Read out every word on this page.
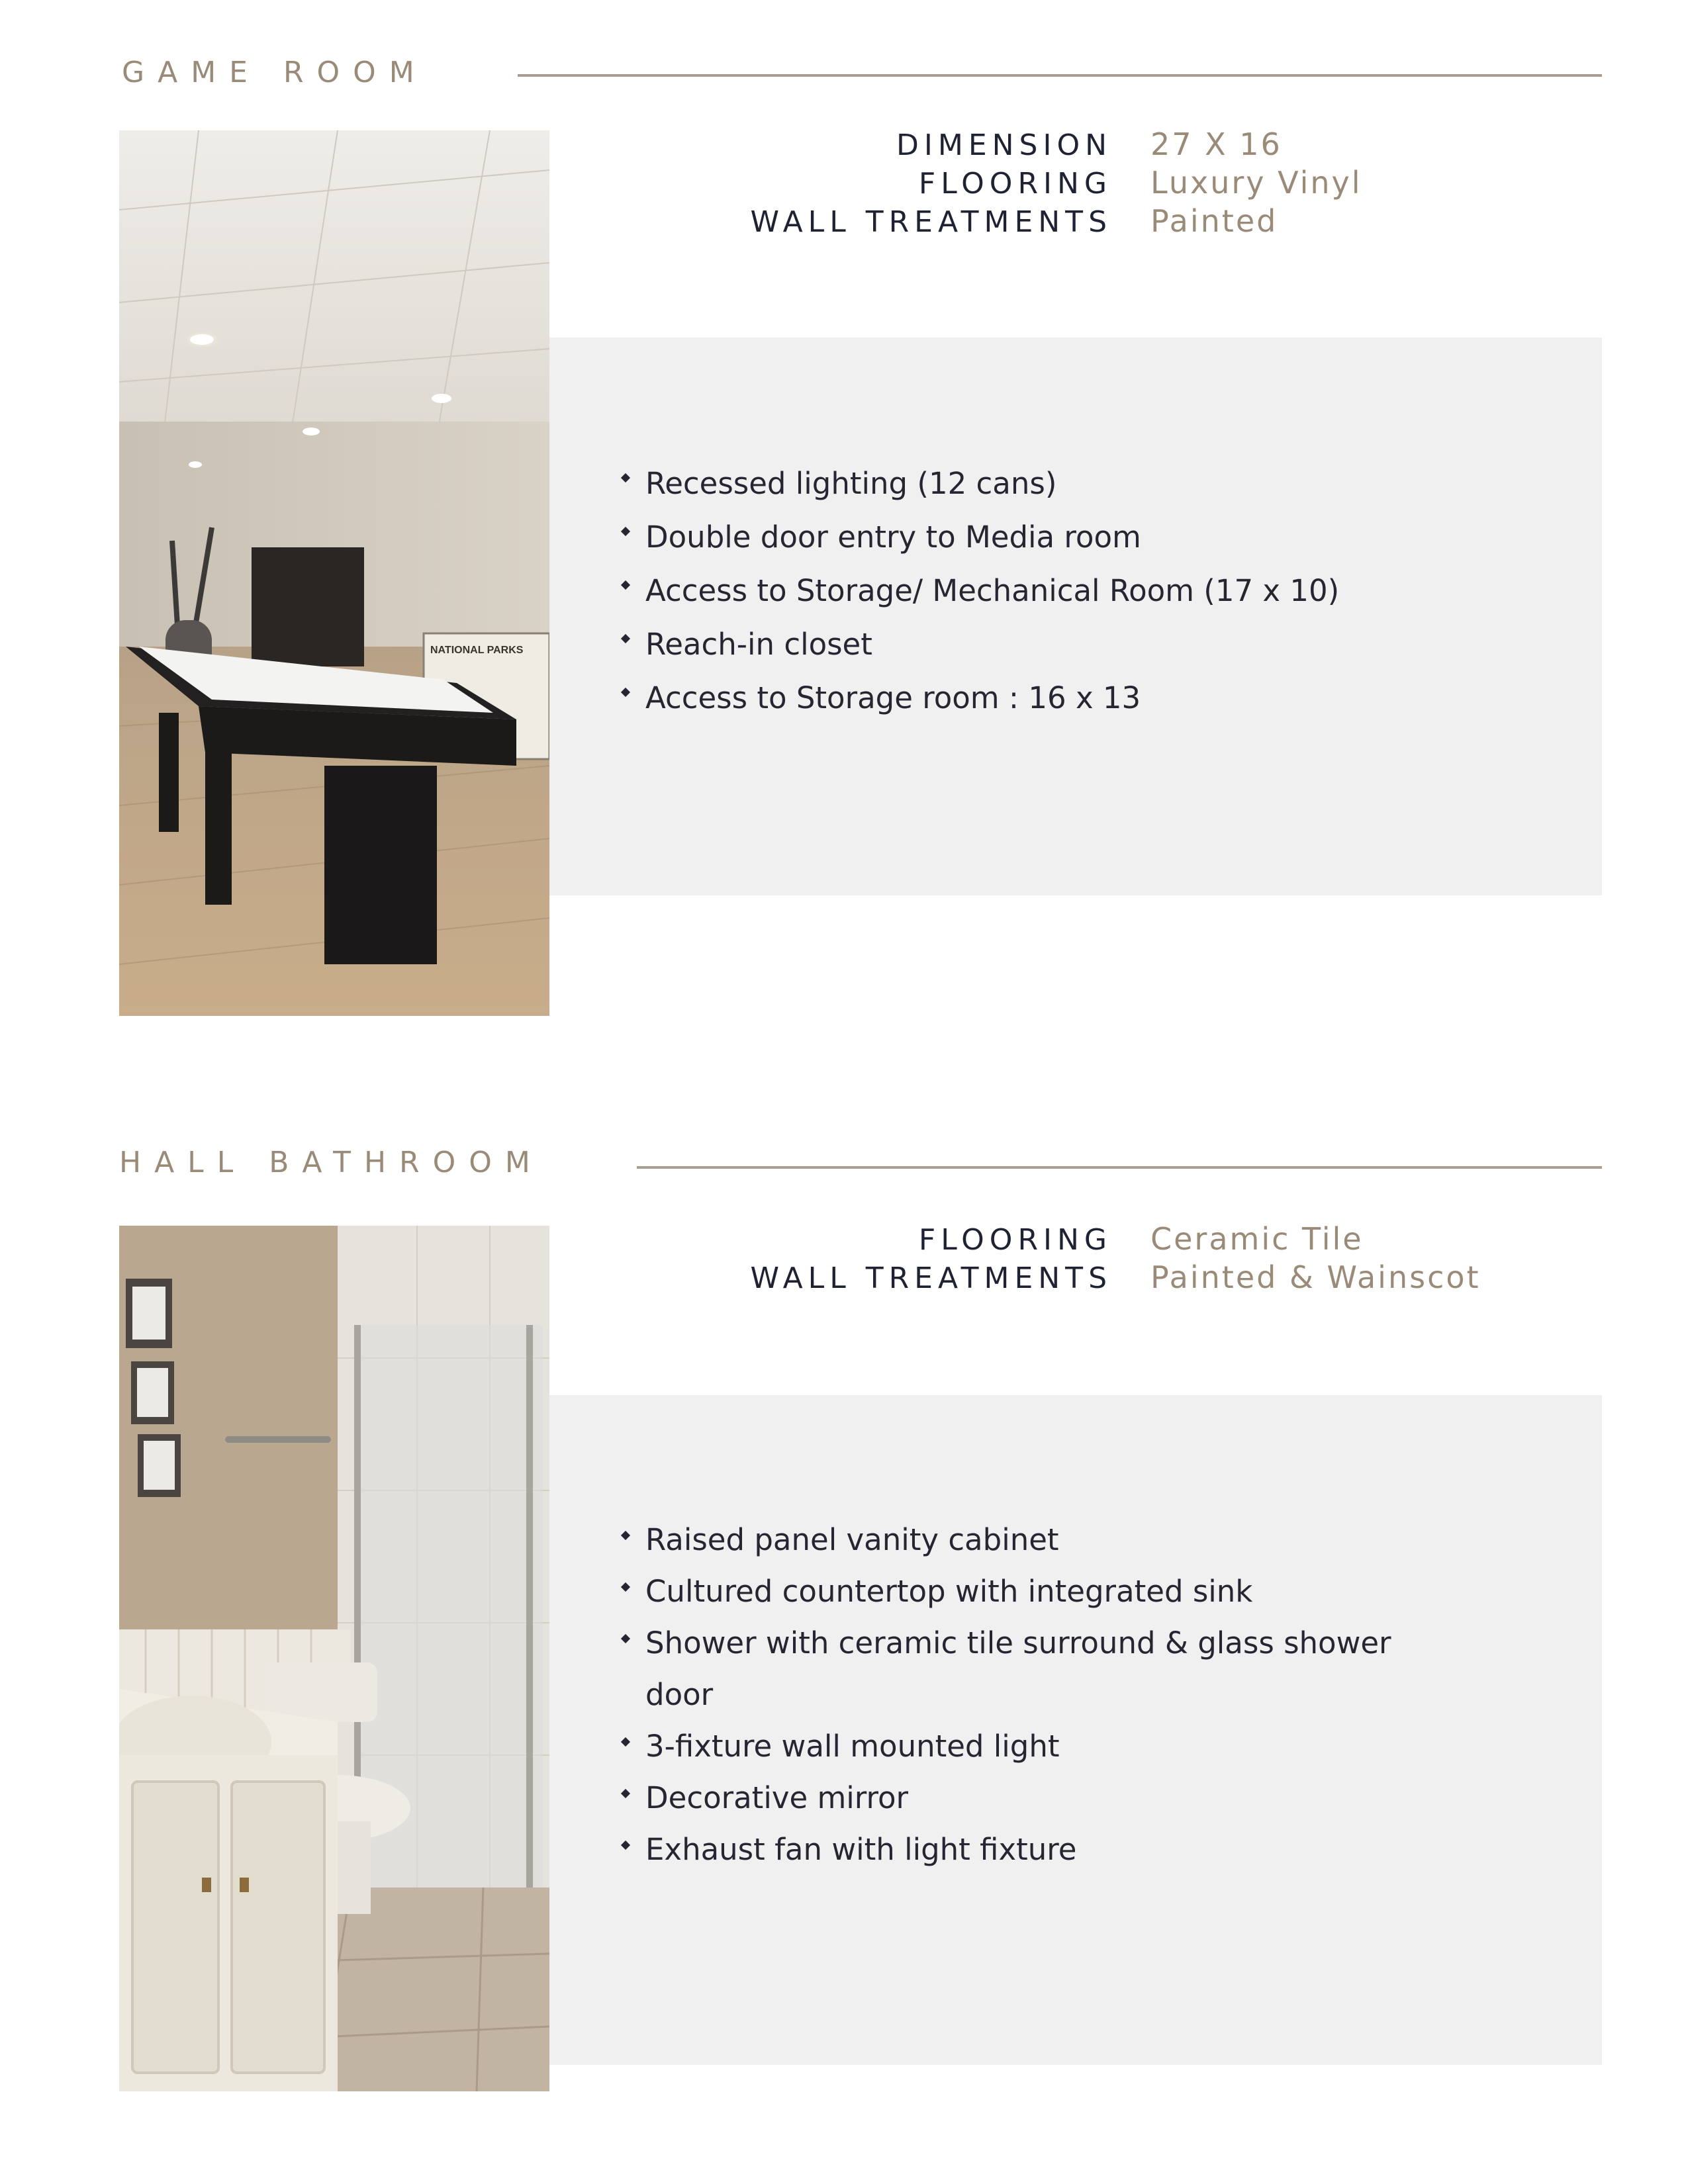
GAME ROOM
NATIONAL PARKS
DIMENSION 27 X 16
FLOORING Luxury Vinyl
WALL TREATMENTS Painted
Recessed lighting (12 cans)
Double door entry to Media room
Access to Storage/ Mechanical Room (17 x 10)
Reach-in closet
Access to Storage room : 16 x 13
HALL BATHROOM
FLOORING Ceramic Tile
WALL TREATMENTS Painted & Wainscot
Raised panel vanity cabinet
Cultured countertop with integrated sink
Shower with ceramic tile surround & glass shower door
3-fixture wall mounted light
Decorative mirror
Exhaust fan with light fixture
